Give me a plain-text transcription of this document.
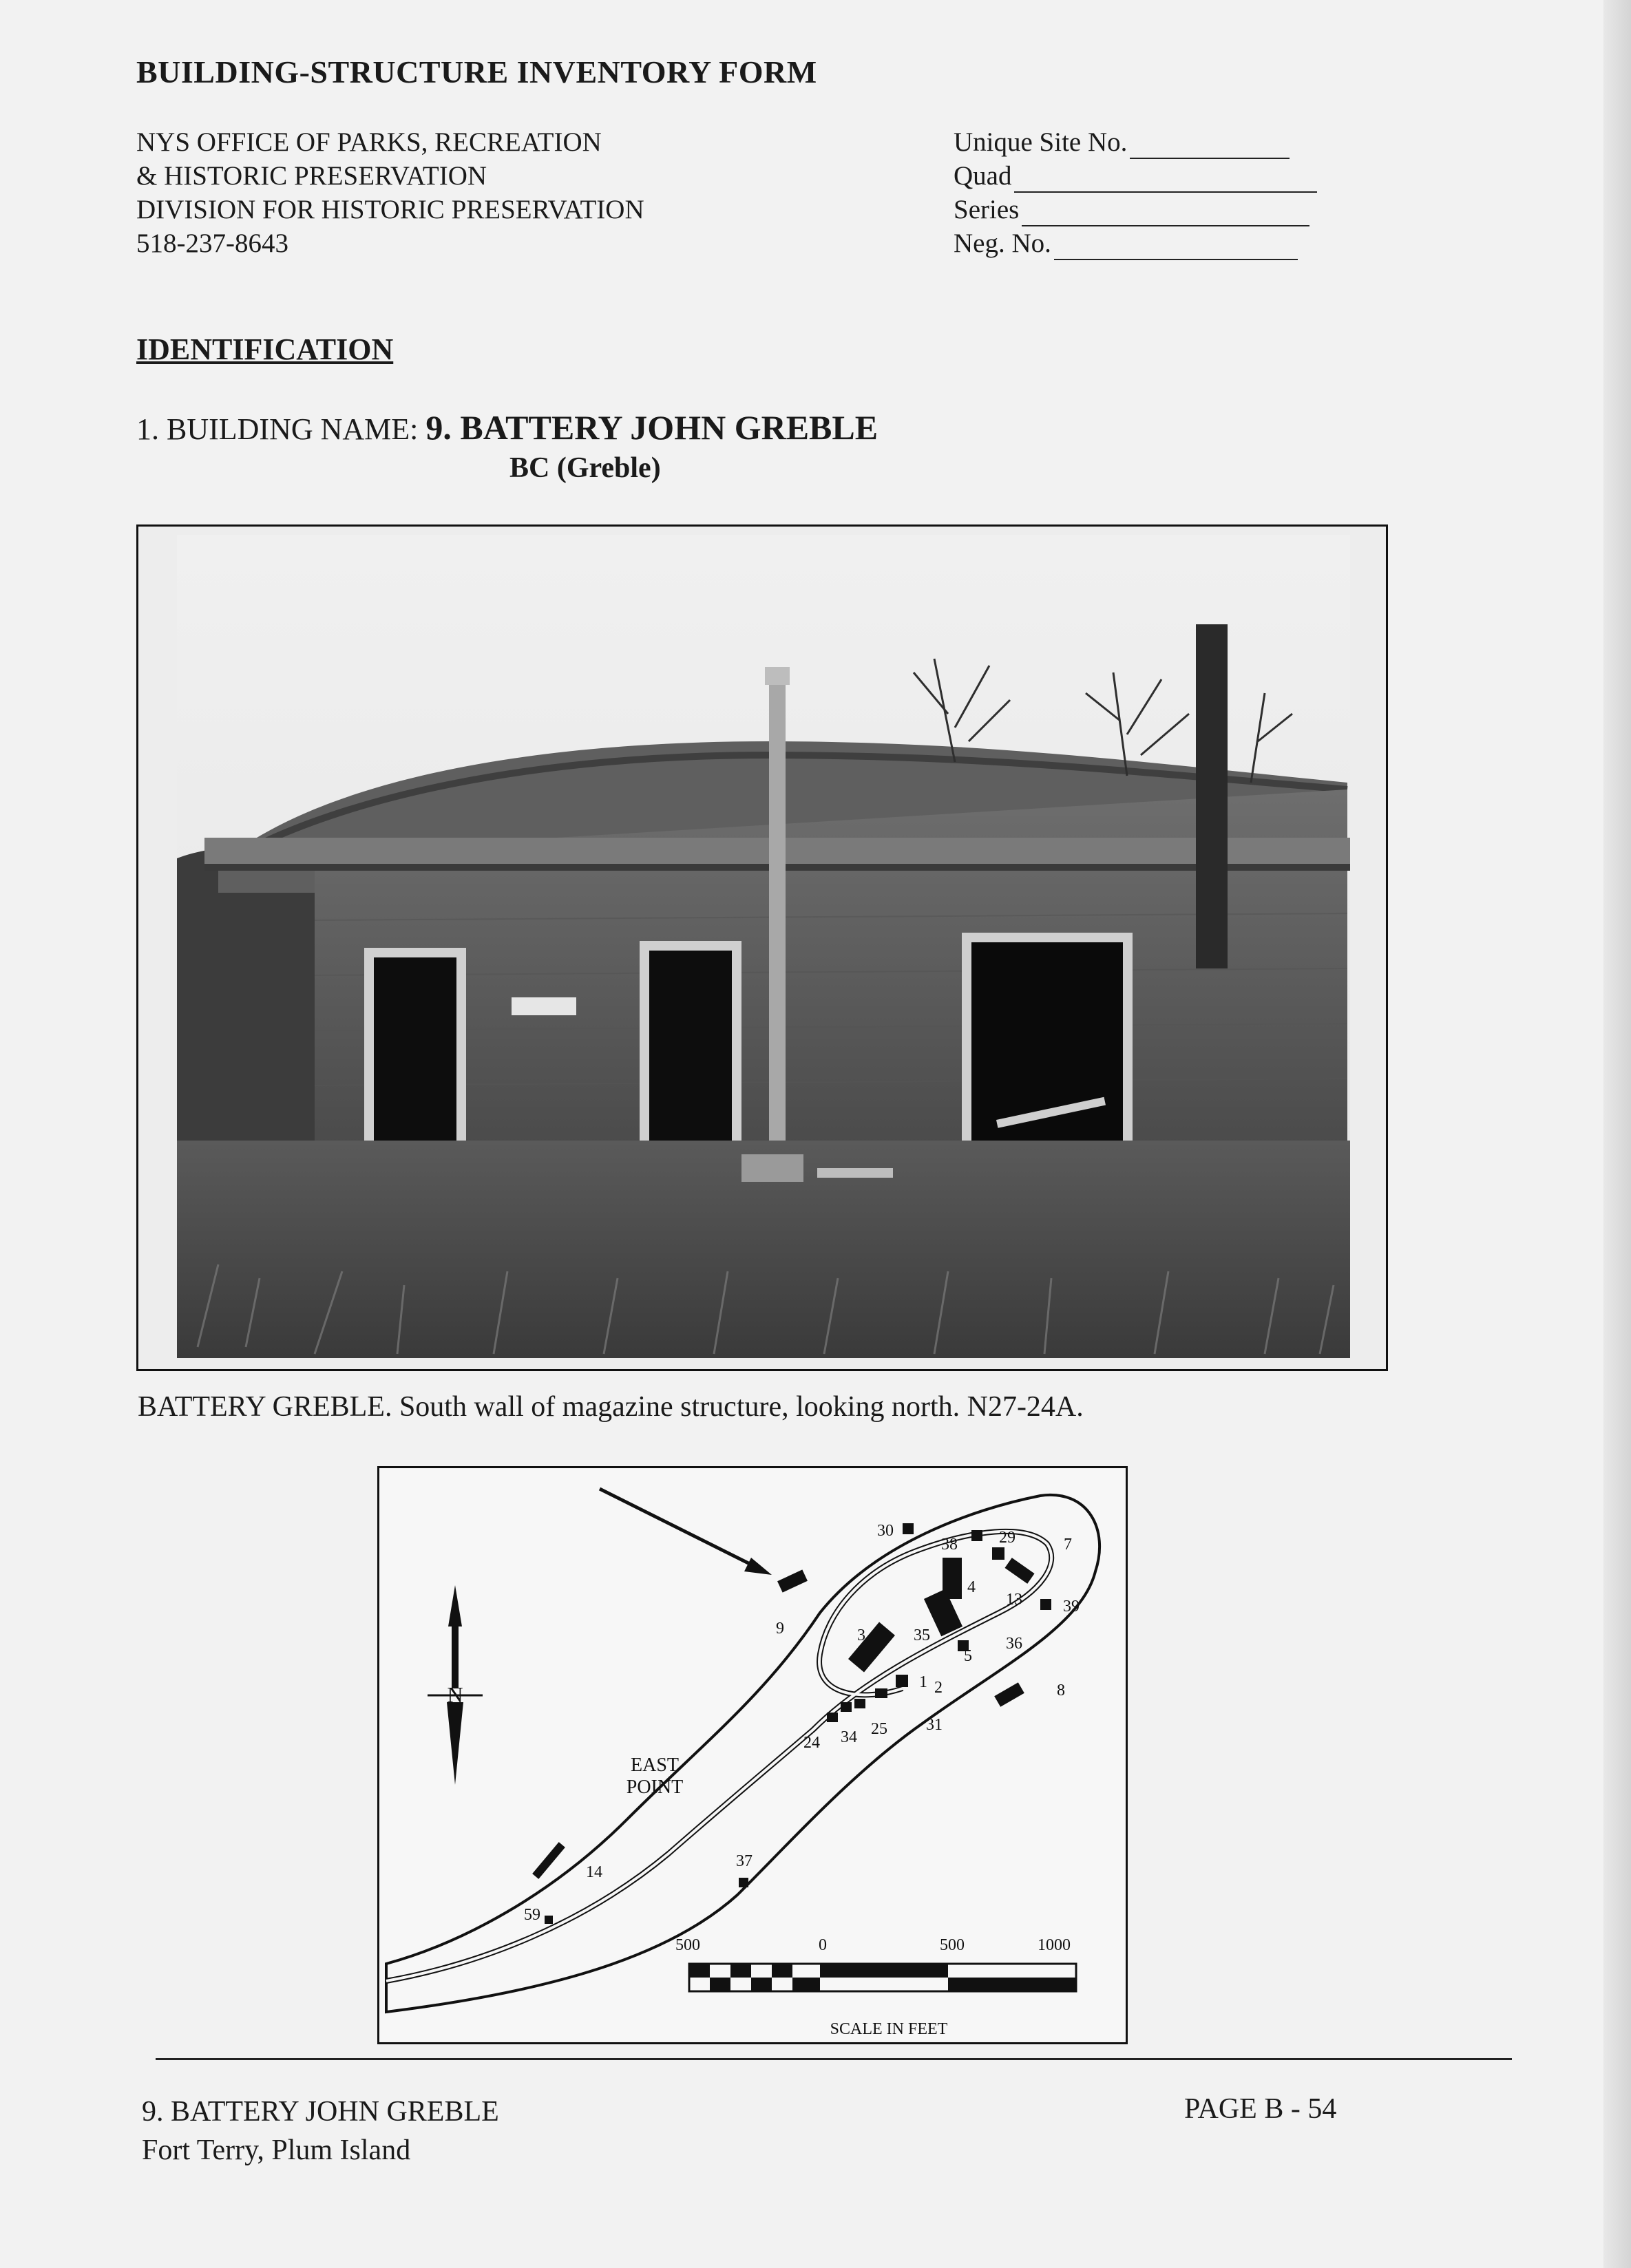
BUILDING-STRUCTURE INVENTORY FORM
NYS OFFICE OF PARKS, RECREATION
& HISTORIC PRESERVATION
DIVISION FOR HISTORIC PRESERVATION
518-237-8643
Unique Site No.
Quad
Series
Neg. No.
IDENTIFICATION
1. BUILDING NAME: 9. BATTERY JOHN GREBLE
BC (Greble)
BATTERY GREBLE. South wall of magazine structure, looking north. N27-24A.
N
9
30
38	29	7
4
13 39
3	35	36
5
1 2	8
24 34 25 31
14
37
59
EAST
POINT
500	0	500	1000
SCALE IN FEET
9. BATTERY JOHN GREBLE
Fort Terry, Plum Island
PAGE B - 54
